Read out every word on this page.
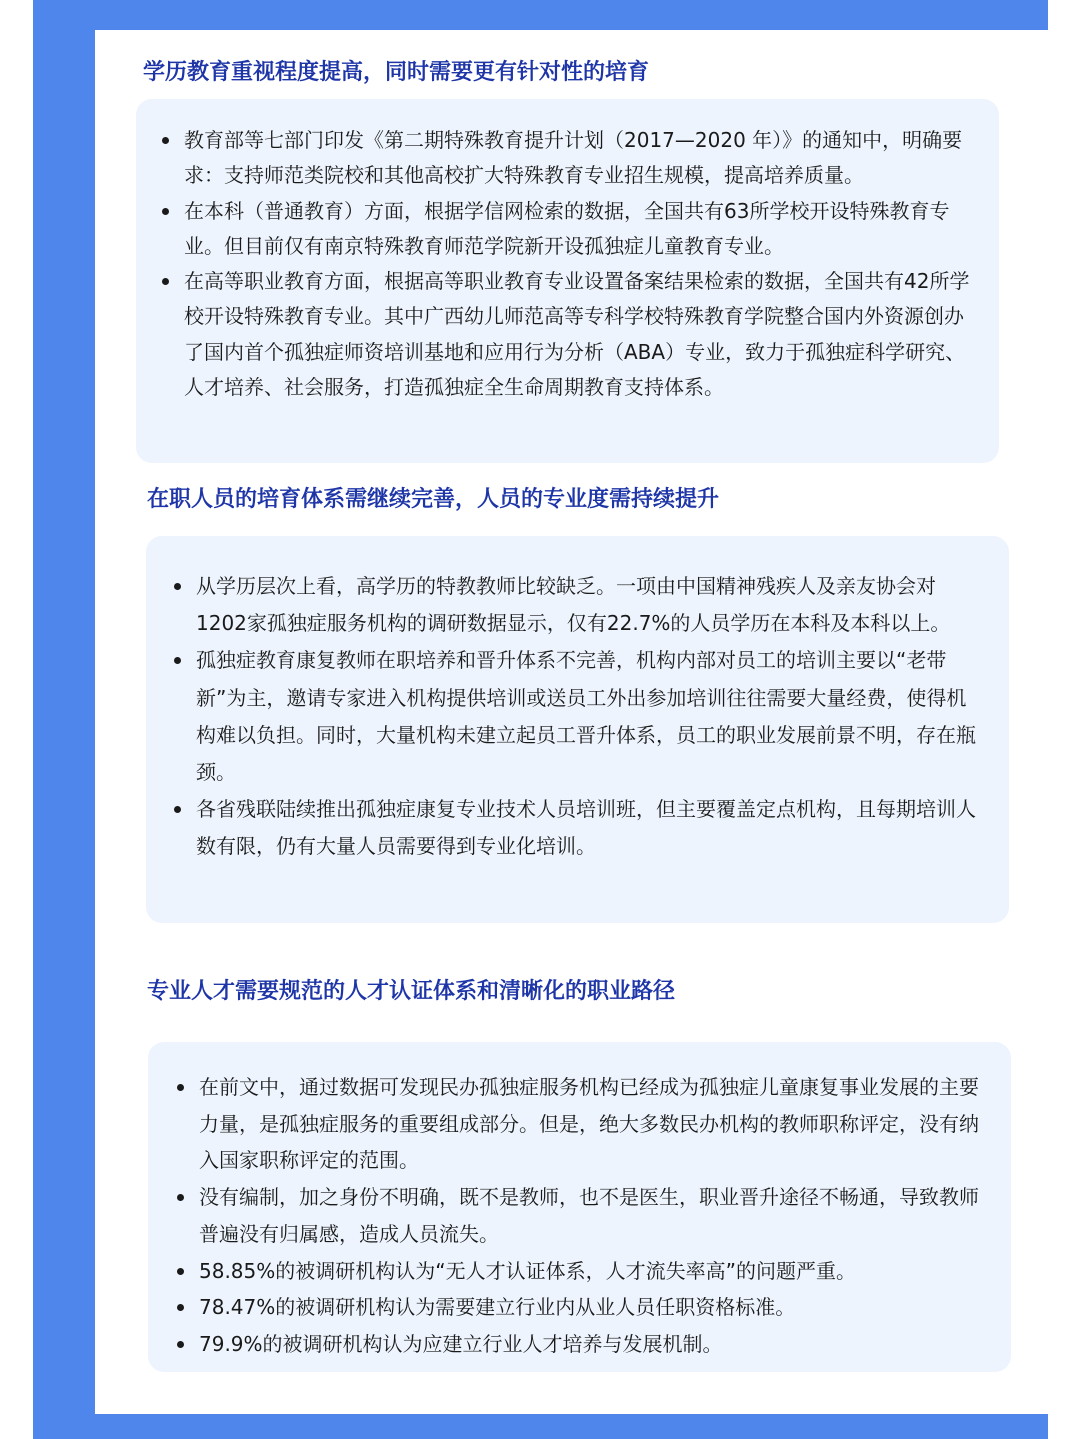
学历教育重视程度提高，同时需要更有针对性的培育
教育部等七部门印发《第二期特殊教育提升计划（2017—2020 年）》的通知中，明确要求：支持师范类院校和其他高校扩大特殊教育专业招生规模，提高培养质量。
在本科（普通教育）方面，根据学信网检索的数据，全国共有63所学校开设特殊教育专业。但目前仅有南京特殊教育师范学院新开设孤独症儿童教育专业。
在高等职业教育方面，根据高等职业教育专业设置备案结果检索的数据，全国共有42所学校开设特殊教育专业。其中广西幼儿师范高等专科学校特殊教育学院整合国内外资源创办了国内首个孤独症师资培训基地和应用行为分析（ABA）专业，致力于孤独症科学研究、人才培养、社会服务，打造孤独症全生命周期教育支持体系。
在职人员的培育体系需继续完善，人员的专业度需持续提升
从学历层次上看，高学历的特教教师比较缺乏。一项由中国精神残疾人及亲友协会对1202家孤独症服务机构的调研数据显示，仅有22.7%的人员学历在本科及本科以上。
孤独症教育康复教师在职培养和晋升体系不完善，机构内部对员工的培训主要以“老带新”为主，邀请专家进入机构提供培训或送员工外出参加培训往往需要大量经费，使得机构难以负担。同时，大量机构未建立起员工晋升体系，员工的职业发展前景不明，存在瓶颈。
各省残联陆续推出孤独症康复专业技术人员培训班，但主要覆盖定点机构，且每期培训人数有限，仍有大量人员需要得到专业化培训。
专业人才需要规范的人才认证体系和清晰化的职业路径
在前文中，通过数据可发现民办孤独症服务机构已经成为孤独症儿童康复事业发展的主要力量，是孤独症服务的重要组成部分。但是，绝大多数民办机构的教师职称评定，没有纳入国家职称评定的范围。
没有编制，加之身份不明确，既不是教师，也不是医生，职业晋升途径不畅通，导致教师普遍没有归属感，造成人员流失。
58.85%的被调研机构认为“无人才认证体系，人才流失率高”的问题严重。
78.47%的被调研机构认为需要建立行业内从业人员任职资格标准。
79.9%的被调研机构认为应建立行业人才培养与发展机制。
